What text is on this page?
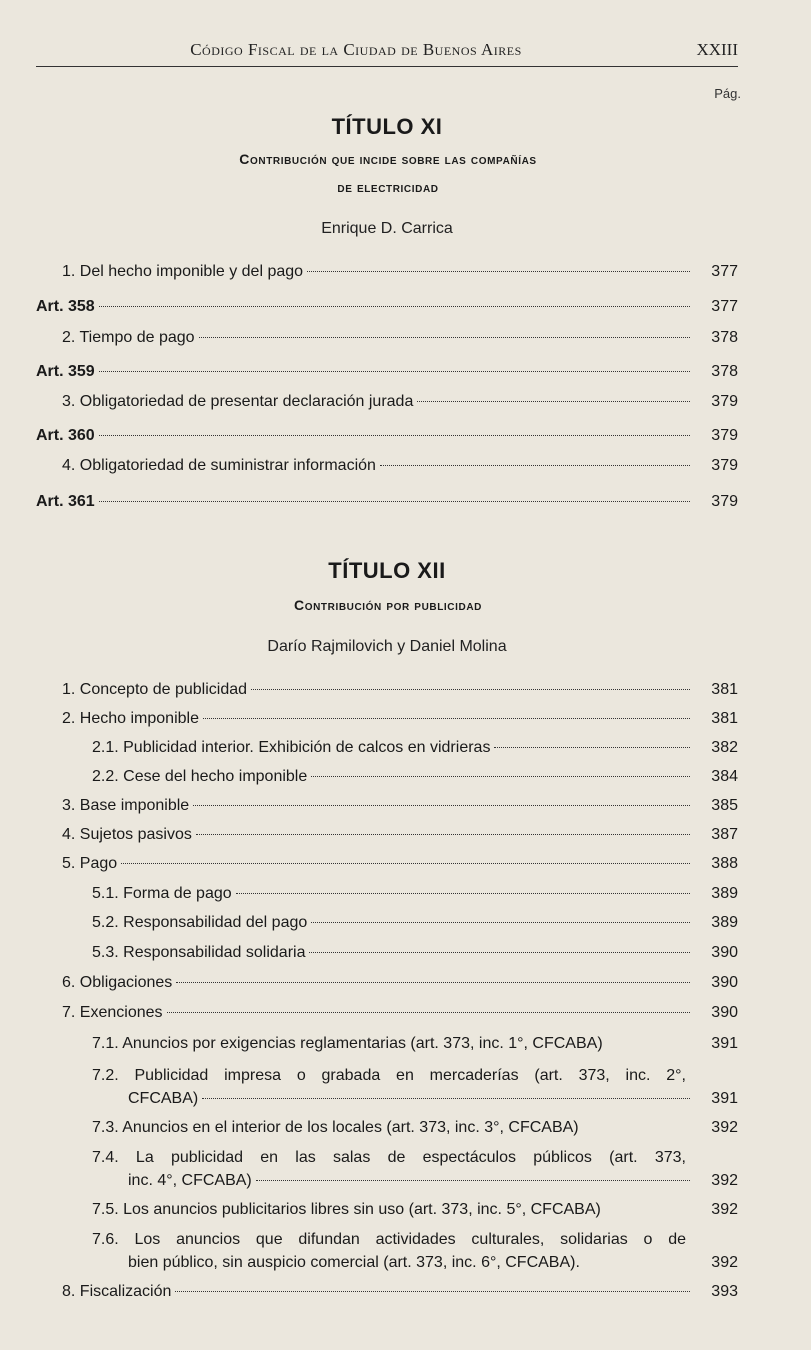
Código Fiscal de la Ciudad de Buenos Aires	XXIII
Pág.
TÍTULO XI
Contribución que incide sobre las compañías
de electricidad
Enrique D. Carrica
1. Del hecho imponible y del pago	377
Art. 358	377
2. Tiempo de pago	378
Art. 359	378
3. Obligatoriedad de presentar declaración jurada	379
Art. 360	379
4. Obligatoriedad de suministrar información	379
Art. 361	379
TÍTULO XII
Contribución por publicidad
Darío Rajmilovich y Daniel Molina
1. Concepto de publicidad	381
2. Hecho imponible	381
2.1. Publicidad interior. Exhibición de calcos en vidrieras	382
2.2. Cese del hecho imponible	384
3. Base imponible	385
4. Sujetos pasivos	387
5. Pago	388
5.1. Forma de pago	389
5.2. Responsabilidad del pago	389
5.3. Responsabilidad solidaria	390
6. Obligaciones	390
7. Exenciones	390
7.1. Anuncios por exigencias reglamentarias (art. 373, inc. 1°, CFCABA)	391
7.2. Publicidad impresa o grabada en mercaderías (art. 373, inc. 2°,
CFCABA)	391
7.3. Anuncios en el interior de los locales (art. 373, inc. 3°, CFCABA)	392
7.4. La publicidad en las salas de espectáculos públicos (art. 373,
inc. 4°, CFCABA)	392
7.5. Los anuncios publicitarios libres sin uso (art. 373, inc. 5°, CFCABA)	392
7.6. Los anuncios que difundan actividades culturales, solidarias o de
bien público, sin auspicio comercial (art. 373, inc. 6°, CFCABA).	392
8. Fiscalización	393
